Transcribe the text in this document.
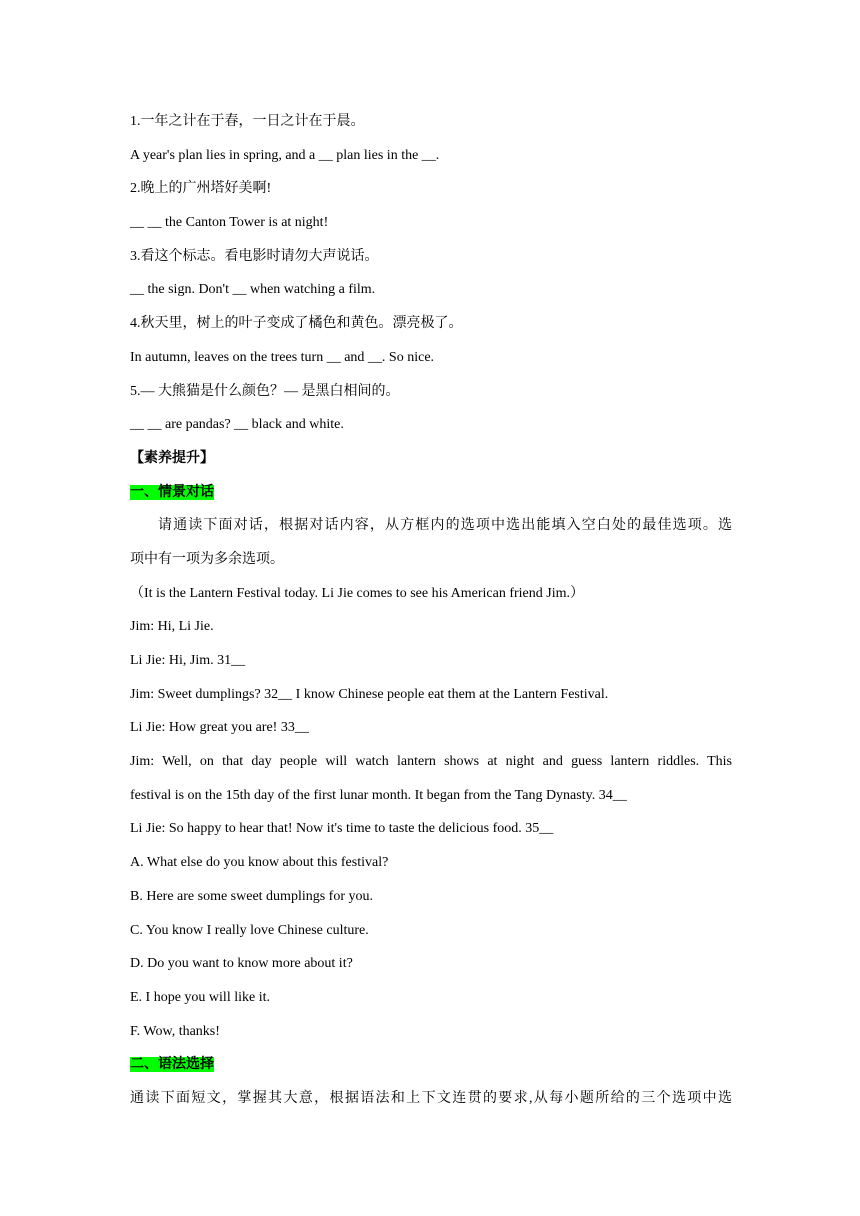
1.一年之计在于春，一日之计在于晨。
A year's plan lies in spring, and a __ plan lies in the __.
2.晚上的广州塔好美啊!
__ __ the Canton Tower is at night!
3.看这个标志。看电影时请勿大声说话。
__ the sign. Don't __ when watching a film.
4.秋天里，树上的叶子变成了橘色和黄色。漂亮极了。
In autumn, leaves on the trees turn __ and __. So nice.
5.— 大熊猫是什么颜色？— 是黑白相间的。
__ __ are pandas? __ black and white.
【素养提升】
一、情景对话
请通读下面对话，根据对话内容，从方框内的选项中选出能填入空白处的最佳选项。选
项中有一项为多余选项。
（It is the Lantern Festival today. Li Jie comes to see his American friend Jim.）
Jim: Hi, Li Jie.
Li Jie: Hi, Jim. 31__
Jim: Sweet dumplings? 32__ I know Chinese people eat them at the Lantern Festival.
Li Jie: How great you are! 33__
Jim: Well, on that day people will watch lantern shows at night and guess lantern riddles. This
festival is on the 15th day of the first lunar month. It began from the Tang Dynasty. 34__
Li Jie: So happy to hear that! Now it's time to taste the delicious food. 35__
A. What else do you know about this festival?
B. Here are some sweet dumplings for you.
C. You know I really love Chinese culture.
D. Do you want to know more about it?
E. I hope you will like it.
F. Wow, thanks!
二、语法选择
通读下面短文，掌握其大意，根据语法和上下文连贯的要求,从每小题所给的三个选项中选
